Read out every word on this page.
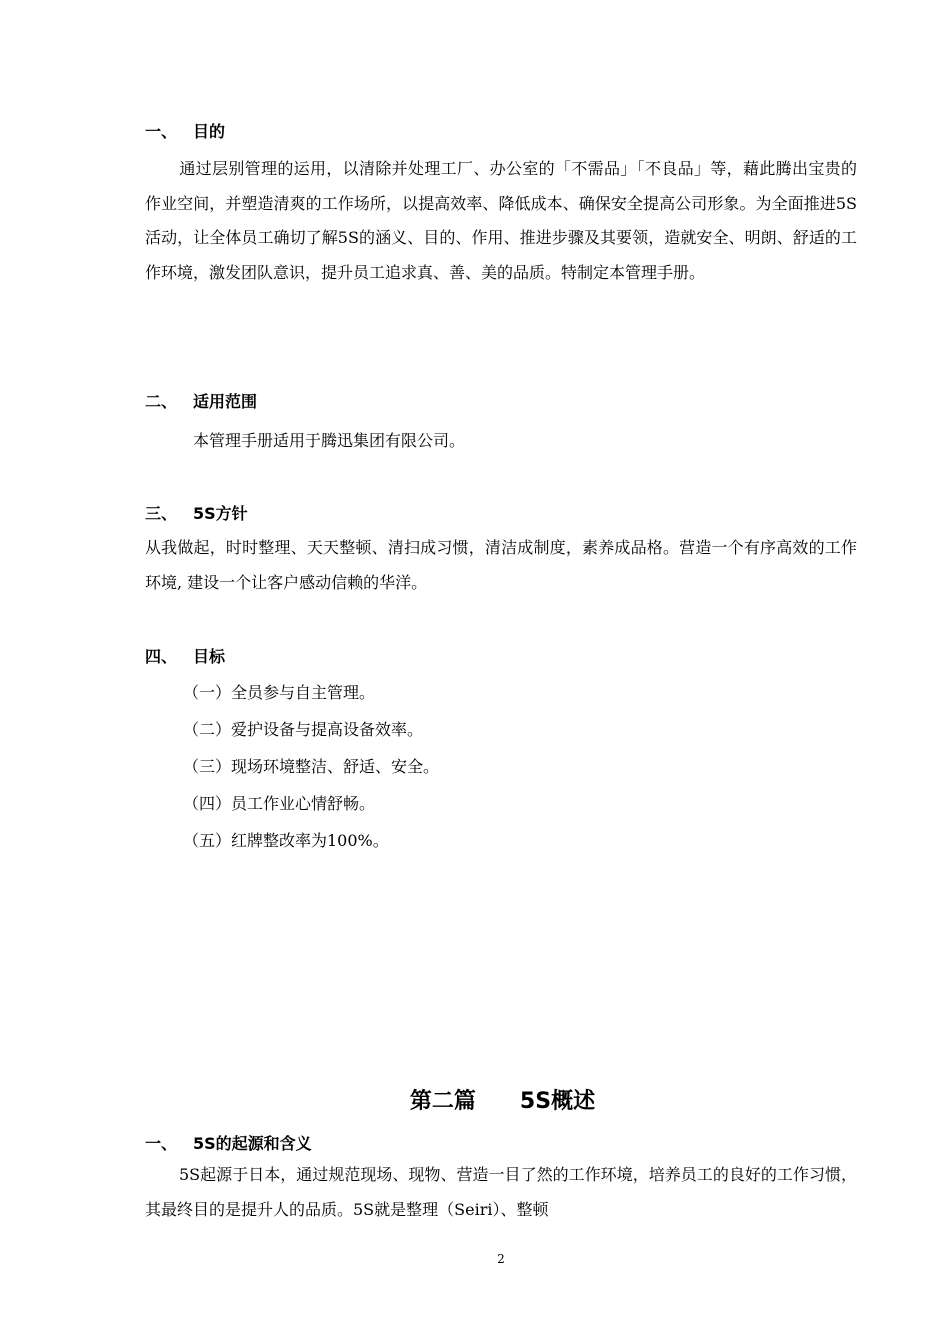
一、 目的
通过层别管理的运用，以清除并处理工厂、办公室的「不需品」「不良品」等，藉此腾出宝贵的作业空间，并塑造清爽的工作场所，以提高效率、降低成本、确保安全提高公司形象。为全面推进5S活动，让全体员工确切了解5S的涵义、目的、作用、推进步骤及其要领，造就安全、明朗、舒适的工作环境，激发团队意识，提升员工追求真、善、美的品质。特制定本管理手册。
二、 适用范围
本管理手册适用于腾迅集团有限公司。
三、 5S方针
从我做起，时时整理、天天整顿、清扫成习惯，清洁成制度，素养成品格。营造一个有序高效的工作环境, 建设一个让客户感动信赖的华洋。
四、 目标
（一）全员参与自主管理。
（二）爱护设备与提高设备效率。
（三）现场环境整洁、舒适、安全。
（四）员工作业心情舒畅。
（五）红牌整改率为100%。
第二篇　　5S概述
一、 5S的起源和含义
5S起源于日本，通过规范现场、现物、营造一目了然的工作环境，培养员工的良好的工作习惯，其最终目的是提升人的品质。5S就是整理（Seiri）、整顿
2
